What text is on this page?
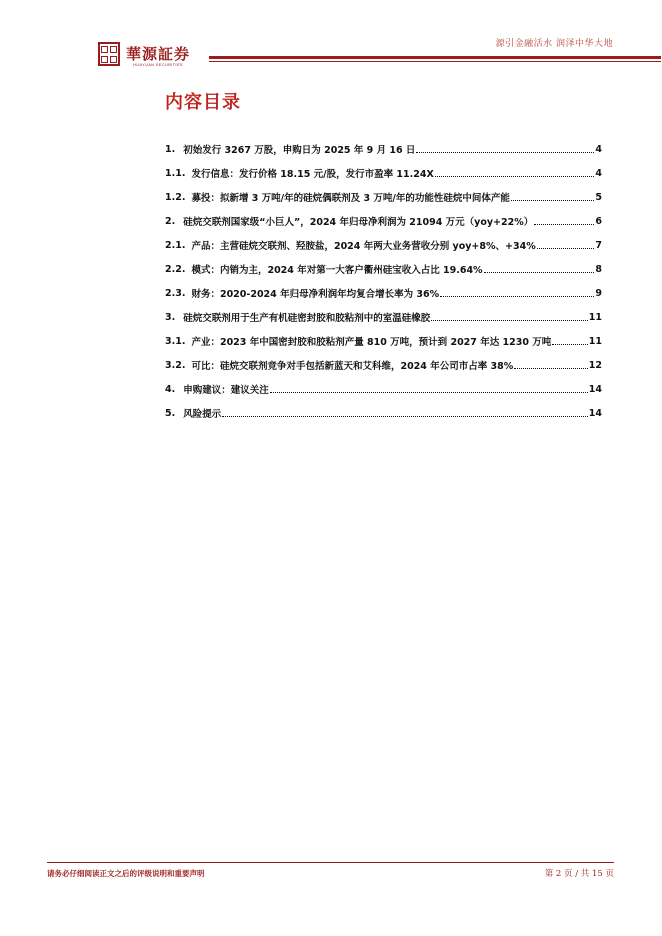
華源証券
HUAYUAN SECURITIES
源引金融活水 润泽中华大地
内容目录
1. 初始发行 3267 万股，申购日为 2025 年 9 月 16 日	4
1.1. 发行信息：发行价格 18.15 元/股，发行市盈率 11.24X	4
1.2. 募投：拟新增 3 万吨/年的硅烷偶联剂及 3 万吨/年的功能性硅烷中间体产能	5
2. 硅烷交联剂国家级“小巨人”，2024 年归母净利润为 21094 万元（yoy+22%）	6
2.1. 产品：主营硅烷交联剂、羟胺盐，2024 年两大业务营收分别 yoy+8%、+34%	7
2.2. 模式：内销为主，2024 年对第一大客户衢州硅宝收入占比 19.64%	8
2.3. 财务：2020-2024 年归母净利润年均复合增长率为 36%	9
3. 硅烷交联剂用于生产有机硅密封胶和胶粘剂中的室温硅橡胶	11
3.1. 产业：2023 年中国密封胶和胶粘剂产量 810 万吨，预计到 2027 年达 1230 万吨	11
3.2. 可比：硅烷交联剂竞争对手包括新蓝天和艾科维，2024 年公司市占率 38%	12
4. 申购建议：建议关注	14
5. 风险提示	14
请务必仔细阅读正文之后的评级说明和重要声明	第 2 页 / 共 15 页
